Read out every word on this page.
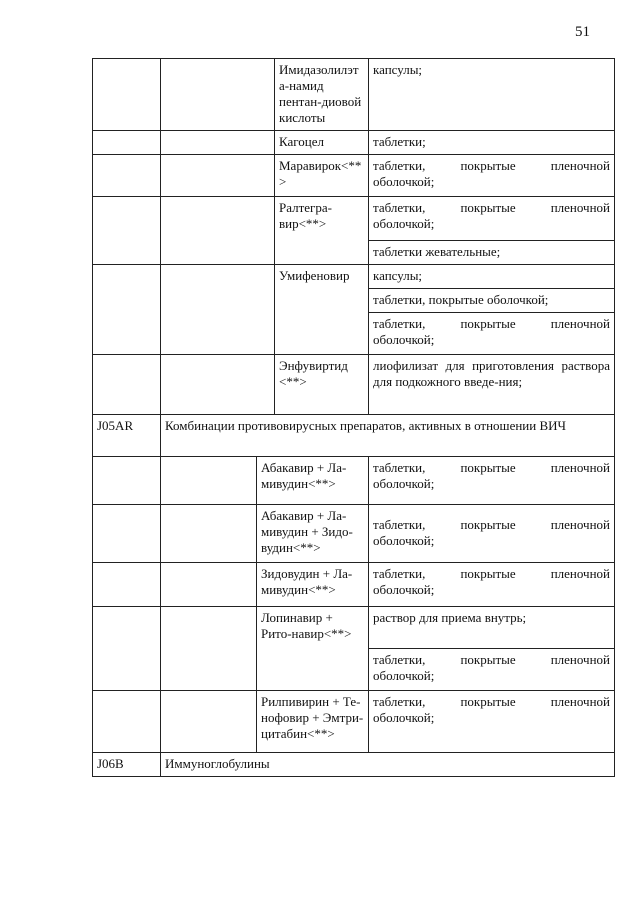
51
			Имидазолилэта-намид пентан-диовой кислоты	капсулы;
			Кагоцел	таблетки;
			Маравирок<**>	таблетки, покрытые пленочной оболочкой;
			Ралтегра-вир<**>	таблетки, покрытые пленочной оболочкой;
				таблетки жевательные;
			Умифеновир	капсулы;
				таблетки, покрытые оболочкой;
				таблетки, покрытые пленочной оболочкой;
			Энфувиртид <**>	лиофилизат для приготовления раствора для подкожного введе-ния;
J05AR	Комбинации противовирусных препаратов, активных в отношении ВИЧ			
		Абакавир + Ла-мивудин<**>		таблетки, покрытые пленочной оболочкой;
		Абакавир + Ла-мивудин + Зидо-вудин<**>		таблетки, покрытые пленочной оболочкой;
		Зидовудин + Ла-мивудин<**>		таблетки, покрытые пленочной оболочкой;
		Лопинавир + Рито-навир<**>		раствор для приема внутрь;
				таблетки, покрытые пленочной оболочкой;
		Рилпивирин + Те-нофовир + Эмтри-цитабин<**>		таблетки, покрытые пленочной оболочкой;
J06B	Иммуноглобулины			
